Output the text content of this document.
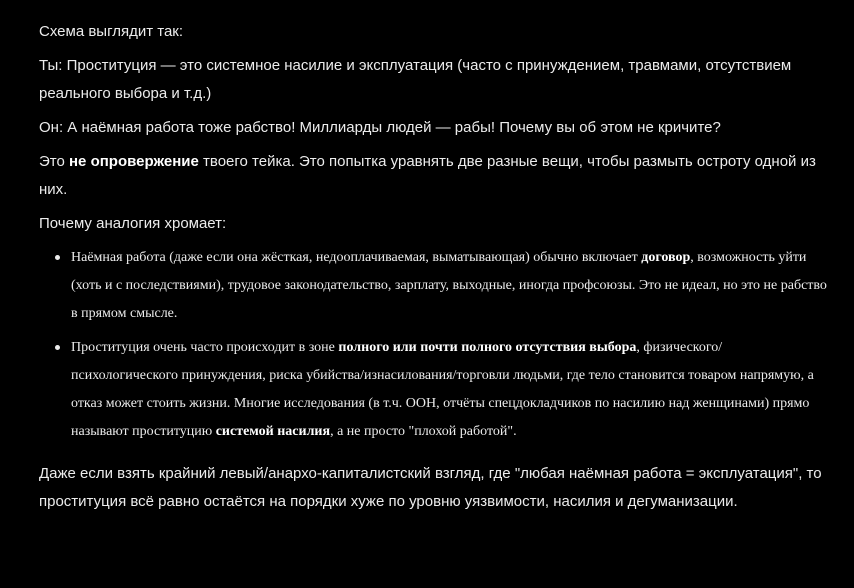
Схема выглядит так:

Ты: Проституция — это системное насилие и эксплуатация (часто с принуждением, травмами, отсутствием реального выбора и т.д.)

Он: А наёмная работа тоже рабство! Миллиарды людей — рабы! Почему вы об этом не кричите?

Это не опровержение твоего тейка. Это попытка уравнять две разные вещи, чтобы размыть остроту одной из них.

Почему аналогия хромает:

Наёмная работа (даже если она жёсткая, недооплачиваемая, выматывающая) обычно включает договор, возможность уйти (хоть и с последствиями), трудовое законодательство, зарплату, выходные, иногда профсоюзы. Это не идеал, но это не рабство в прямом смысле.
Проституция очень часто происходит в зоне полного или почти полного отсутствия выбора, физического/психологического принуждения, риска убийства/изнасилования/торговли людьми, где тело становится товаром напрямую, а отказ может стоить жизни. Многие исследования (в т.ч. ООН, отчёты спецдокладчиков по насилию над женщинами) прямо называют проституцию системой насилия, а не просто "плохой работой".

Даже если взять крайний левый/анархо-капиталистский взгляд, где "любая наёмная работа = эксплуатация", то проституция всё равно остаётся на порядки хуже по уровню уязвимости, насилия и дегуманизации.
